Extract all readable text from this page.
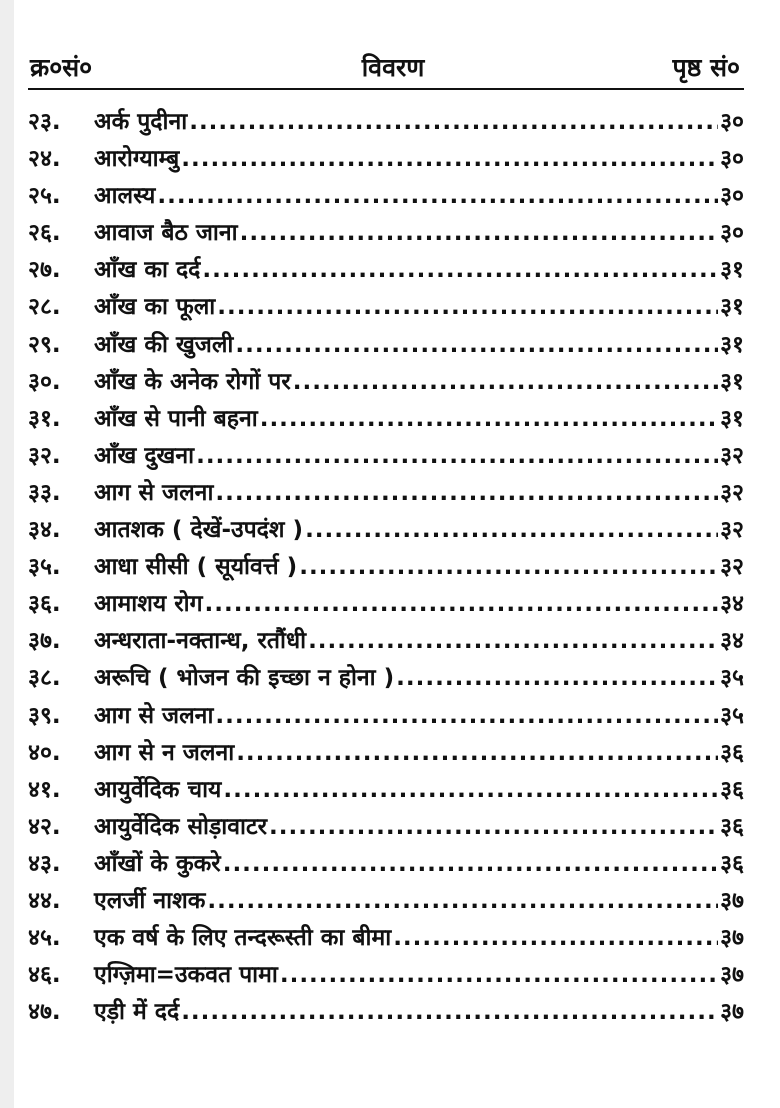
क्र०सं०	विवरण	पृष्ठ सं०
२३.	अर्क पुदीना .....	३०
२४.	आरोग्याम्बु .....	३०
२५.	आलस्य .....	३०
२६.	आवाज बैठ जाना .....	३०
२७.	आँख का दर्द .....	३१
२८.	आँख का फूला .....	३१
२९.	आँख की खुजली .....	३१
३०.	आँख के अनेक रोगों पर .....	३१
३१.	आँख से पानी बहना .....	३१
३२.	आँख दुखना .....	३२
३३.	आग से जलना .....	३२
३४.	आतशक ( देखें-उपदंश ) .....	३२
३५.	आधा सीसी ( सूर्यावर्त्त ) .....	३२
३६.	आमाशय रोग .....	३४
३७.	अन्धराता-नक्तान्ध, रतौंधी .....	३४
३८.	अरूचि ( भोजन की इच्छा न होना ) .....	३५
३९.	आग से जलना .....	३५
४०.	आग से न जलना .....	३६
४१.	आयुर्वेदिक चाय .....	३६
४२.	आयुर्वेदिक सोड़ावाटर .....	३६
४३.	आँखों के कुकरे .....	३६
४४.	एलर्जी नाशक .....	३७
४५.	एक वर्ष के लिए तन्दरूस्ती का बीमा .....	३७
४६.	एग्ज़िमा=उकवत पामा .....	३७
४७.	एड़ी में दर्द .....	३७
